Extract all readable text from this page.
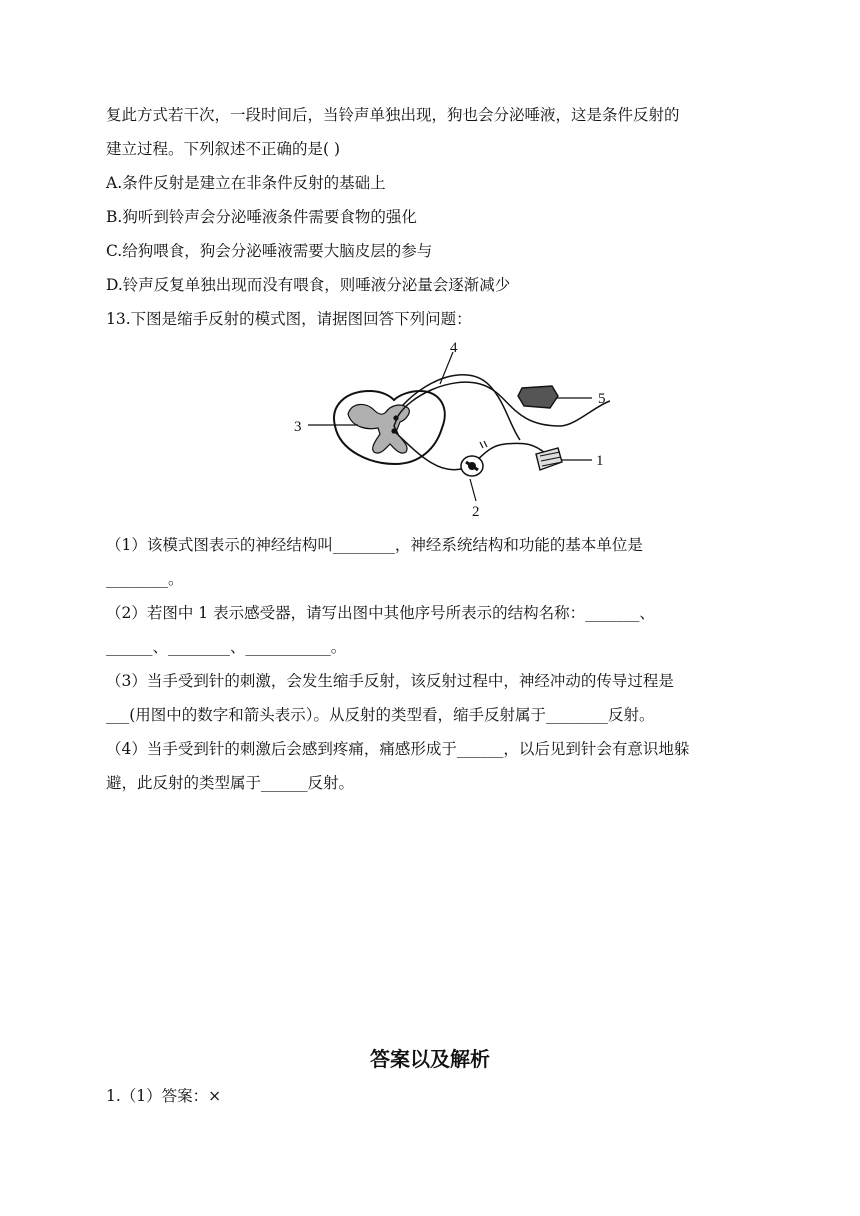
复此方式若干次，一段时间后，当铃声单独出现，狗也会分泌唾液，这是条件反射的
建立过程。下列叙述不正确的是( )
A.条件反射是建立在非条件反射的基础上
B.狗听到铃声会分泌唾液条件需要食物的强化
C.给狗喂食，狗会分泌唾液需要大脑皮层的参与
D.铃声反复单独出现而没有喂食，则唾液分泌量会逐渐减少
13.下图是缩手反射的模式图，请据图回答下列问题：
1
2
3
4
5
（1）该模式图表示的神经结构叫________，神经系统结构和功能的基本单位是
________。
（2）若图中 1 表示感受器，请写出图中其他序号所表示的结构名称：_______、
______、________、___________。
（3）当手受到针的刺激，会发生缩手反射，该反射过程中，神经冲动的传导过程是
___(用图中的数字和箭头表示）。从反射的类型看，缩手反射属于________反射。
（4）当手受到针的刺激后会感到疼痛，痛感形成于______，以后见到针会有意识地躲
避，此反射的类型属于______反射。
答案以及解析
1.（1）答案：×
